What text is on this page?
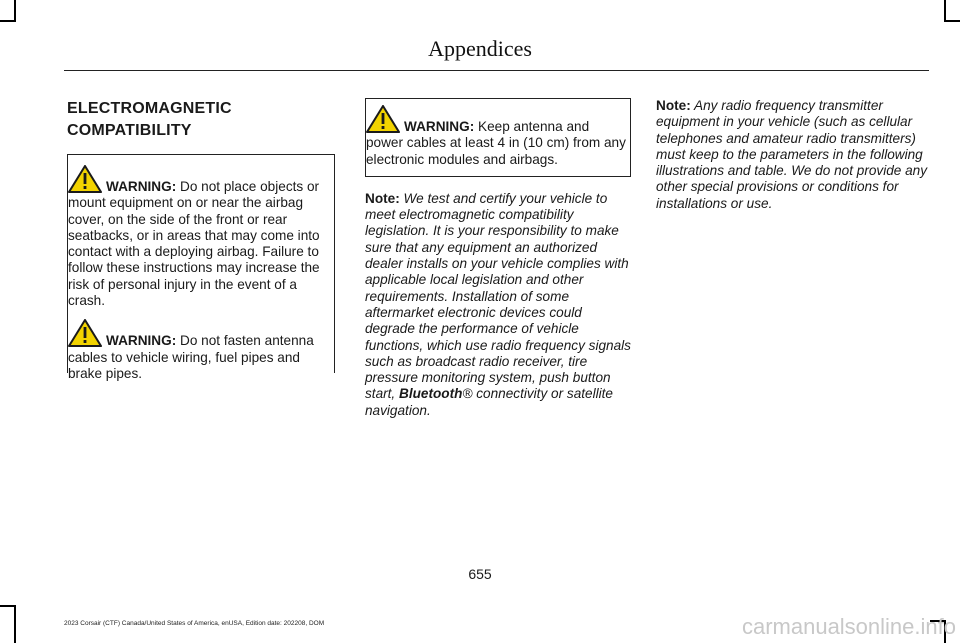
Appendices
ELECTROMAGNETIC
COMPATIBILITY

WARNING: Do not place objects or mount equipment on or near the airbag cover, on the side of the front or rear seatbacks, or in areas that may come into contact with a deploying airbag. Failure to follow these instructions may increase the risk of personal injury in the event of a crash.

WARNING: Do not fasten antenna cables to vehicle wiring, fuel pipes and brake pipes.

WARNING: Keep antenna and power cables at least 4 in (10 cm) from any electronic modules and airbags.

Note: We test and certify your vehicle to meet electromagnetic compatibility legislation. It is your responsibility to make sure that any equipment an authorized dealer installs on your vehicle complies with applicable local legislation and other requirements. Installation of some aftermarket electronic devices could degrade the performance of vehicle functions, which use radio frequency signals such as broadcast radio receiver, tire pressure monitoring system, push button start, Bluetooth® connectivity or satellite navigation.

Note: Any radio frequency transmitter equipment in your vehicle (such as cellular telephones and amateur radio transmitters) must keep to the parameters in the following illustrations and table. We do not provide any other special provisions or conditions for installations or use.

655
2023 Corsair (CTF) Canada/United States of America, enUSA, Edition date: 202208, DOM	carmanualsonline.info
